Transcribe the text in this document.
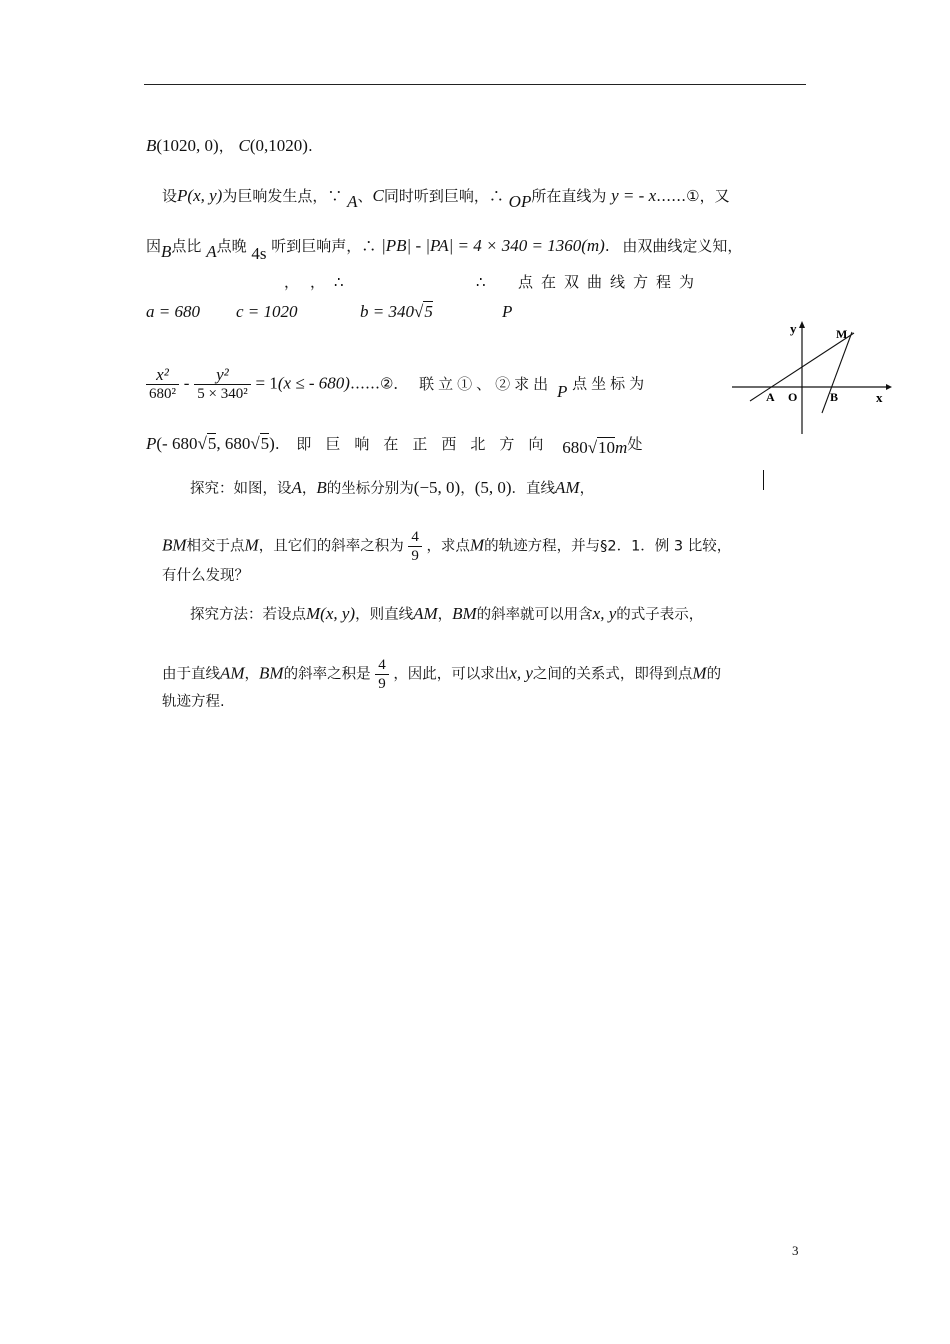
B(1020, 0)， C(0,1020).
设P(x, y)为巨响发生点，∵ A、C同时听到巨响，∴ OP所在直线为 y = - x……①，又
因B点比 A点晚 4s 听到巨响声，∴ |PB| - |PA| = 4 × 340 = 1360(m). 由双曲线定义知，
， ， ∴	∴ 点在双曲线方程为
a = 680 c = 1020	b = 340√5	P
$\frac{\text{x²}}{\text{680²}} - \frac{\text{y²}}{\text{5 × 340²}} = 1(x$ ≤ - 680)……②． 联立①、②求出 P 点坐标为
P(- 680√5, 680√5). 即巨响在正西北方向 680√10m处
y
x
O
A	B
M
探究：如图，设A，B的坐标分别为(−5, 0)，(5, 0)．直线AM，
BM相交于点M，且它们的斜率之积为 $\frac{4}{9}$ ，求点M的轨迹方程，并与§2．1．例 3 比较，
有什么发现？
探究方法：若设点M(x, y)，则直线AM，BM的斜率就可以用含x, y的式子表示，
由于直线AM，BM的斜率之积是 $\frac{4}{9}$ ，因此，可以求出x, y之间的关系式，即得到点M的
轨迹方程.
3
